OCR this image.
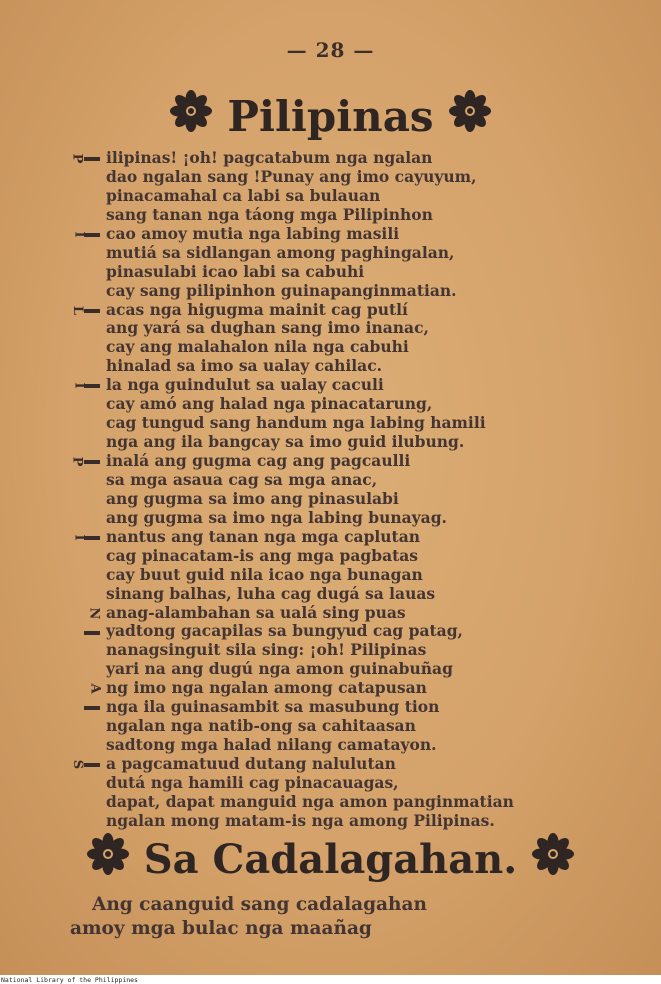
— 28 —
Pilipinas
P
I
L
I
P
I
N
A
S
ilipinas! ¡oh! pagcatabum nga ngalan
dao ngalan sang !Punay ang imo cayuyum,
pinacamahal ca labi sa bulauan
sang tanan nga táong mga Pilipinhon
cao amoy mutia nga labing masili
mutiá sa sidlangan among paghingalan,
pinasulabi icao labi sa cabuhi
cay sang pilipinhon guinapanginmatian.
acas nga higugma mainit cag putlí
ang yará sa dughan sang imo inanac,
cay ang malahalon nila nga cabuhi
hinalad sa imo sa ualay cahilac.
la nga guindulut sa ualay caculi
cay amó ang halad nga pinacatarung,
cag tungud sang handum nga labing hamili
nga ang ila bangcay sa imo guid ilubung.
inalá ang gugma cag ang pagcaulli
sa mga asaua cag sa mga anac,
ang gugma sa imo ang pinasulabi
ang gugma sa imo nga labing bunayag.
nantus ang tanan nga mga caplutan
cag pinacatam-is ang mga pagbatas
cay buut guid nila icao nga bunagan
sinang balhas, luha cag dugá sa lauas
anag-alambahan sa ualá sing puas
yadtong gacapilas sa bungyud cag patag,
nanagsinguit sila sing: ¡oh! Pilipinas
yari na ang dugú nga amon guinabuñag
ng imo nga ngalan among catapusan
nga ila guinasambit sa masubung tion
ngalan nga natib-ong sa cahitaasan
sadtong mga halad nilang camatayon.
a pagcamatuud dutang nalulutan
dutá nga hamili cag pinacauagas,
dapat, dapat manguid nga amon panginmatian
ngalan mong matam-is nga among Pilipinas.
Sa Cadalagahan.
Ang caanguid sang cadalagahan
amoy mga bulac nga maañag
National Library of the Philippines
